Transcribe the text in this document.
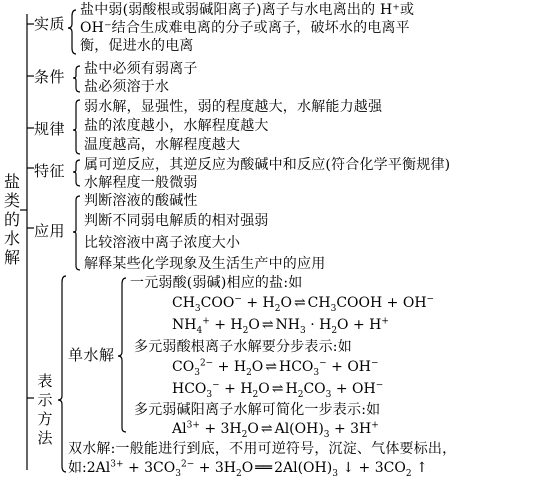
盐类的水解
实质
盐中弱(弱酸根或弱碱阳离子)离子与水电离出的 H⁺或
OH⁻结合生成难电离的分子或离子，破坏水的电离平
衡，促进水的电离
条件 盐中必须有弱离子
盐必须溶于水
规律
弱水解，显强性，弱的程度越大，水解能力越强
盐的浓度越小，水解程度越大
温度越高，水解程度越大
特征 属可逆反应，其逆反应为酸碱中和反应(符合化学平衡规律)
水解程度一般微弱
应用
判断溶液的酸碱性
判断不同弱电解质的相对强弱
比较溶液中离子浓度大小
解释某些化学现象及生活生产中的应用
表示方法
单水解
一元弱酸(弱碱)相应的盐:如
$CH_3COO^- + H_2O$ ⇌ $CH_3COOH + OH^-$
$NH_4^+ + H_2O$ ⇌ $NH_3 \cdot H_2O + H^+$
多元弱酸根离子水解要分步表示:如
$CO_3^{2-} + H_2O$ ⇌ $HCO_3^- + OH^-$
$HCO_3^- + H_2O$ ⇌ $H_2CO_3 + OH^-$
多元弱碱阳离子水解可简化一步表示:如
$Al^{3+} + 3H_2O$ ⇌ $Al(OH)_3 + 3H^+$
双水解:一般能进行到底，不用可逆符号，沉淀、气体要标出，
如$:2Al^{3+} + 3CO_3^{2-} + 3H_2O$ ══ $2Al(OH)_3$ ↓ + $3CO_2$ ↑
